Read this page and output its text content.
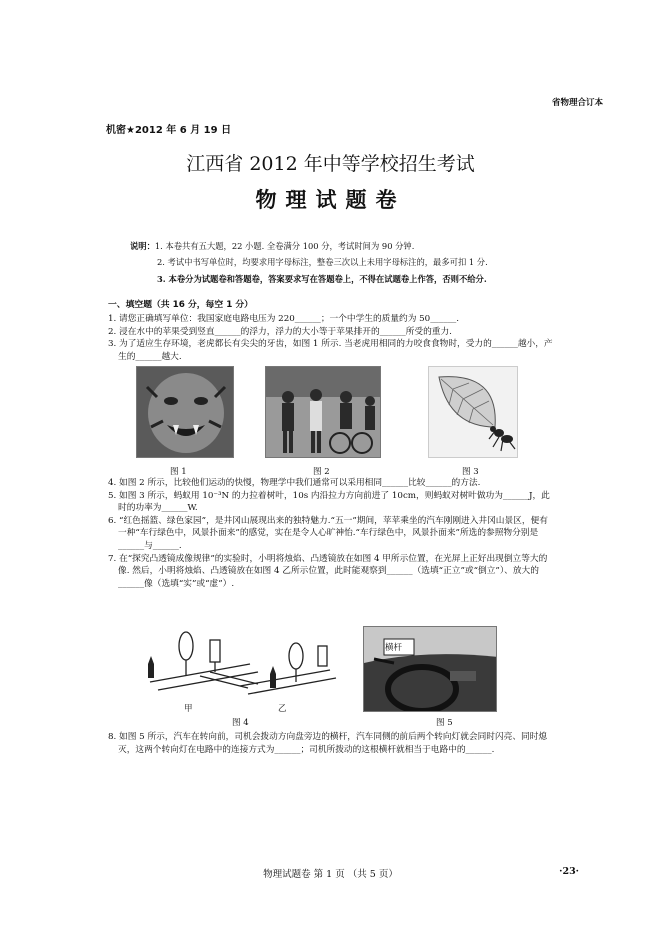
省物理合订本
机密★2012 年 6 月 19 日
江西省 2012 年中等学校招生考试
物理试题卷
说明：1. 本卷共有五大题，22 小题. 全卷满分 100 分，考试时间为 90 分钟.
2. 考试中书写单位时，均要求用字母标注，整卷三次以上未用字母标注的，最多可扣 1 分.
3. 本卷分为试题卷和答题卷，答案要求写在答题卷上，不得在试题卷上作答，否则不给分.
一、填空题（共 16 分，每空 1 分）

1. 请您正确填写单位：我国家庭电路电压为 220______；一个中学生的质量约为 50______.

2. 浸在水中的苹果受到竖直______的浮力，浮力的大小等于苹果排开的______所受的重力.

3. 为了适应生存环境，老虎都长有尖尖的牙齿，如图 1 所示. 当老虎用相同的力咬食食物时，受力的______越小，产生的______越大.

图 1	图 2	图 3

4. 如图 2 所示，比较他们运动的快慢，物理学中我们通常可以采用相同______比较______的方法.

5. 如图 3 所示，蚂蚁用 10⁻³N 的力拉着树叶，10s 内沿拉力方向前进了 10cm，则蚂蚁对树叶做功为______J，此时的功率为______W.

6. “红色摇篮、绿色家园”，是井冈山展现出来的独特魅力.“五一”期间，苹苹乘坐的汽车刚刚进入井冈山景区，便有一种“车行绿色中，风景扑面来”的感觉，实在是令人心旷神怡.“车行绿色中，风景扑面来”所选的参照物分别是______与______.

7. 在“探究凸透镜成像规律”的实验时，小明将烛焰、凸透镜放在如图 4 甲所示位置，在光屏上正好出现倒立等大的像. 然后，小明将烛焰、凸透镜放在如图 4 乙所示位置，此时能观察到______（选填“正立”或“倒立”）、放大的______像（选填“实”或“虚”）.

甲	乙
图 4
横杆
图 5

8. 如图 5 所示，汽车在转向前，司机会拨动方向盘旁边的横杆，汽车同侧的前后两个转向灯就会同时闪亮、同时熄灭，这两个转向灯在电路中的连接方式为______；司机所拨动的这根横杆就相当于电路中的______.

物理试题卷 第 1 页 （共 5 页）	·23·
